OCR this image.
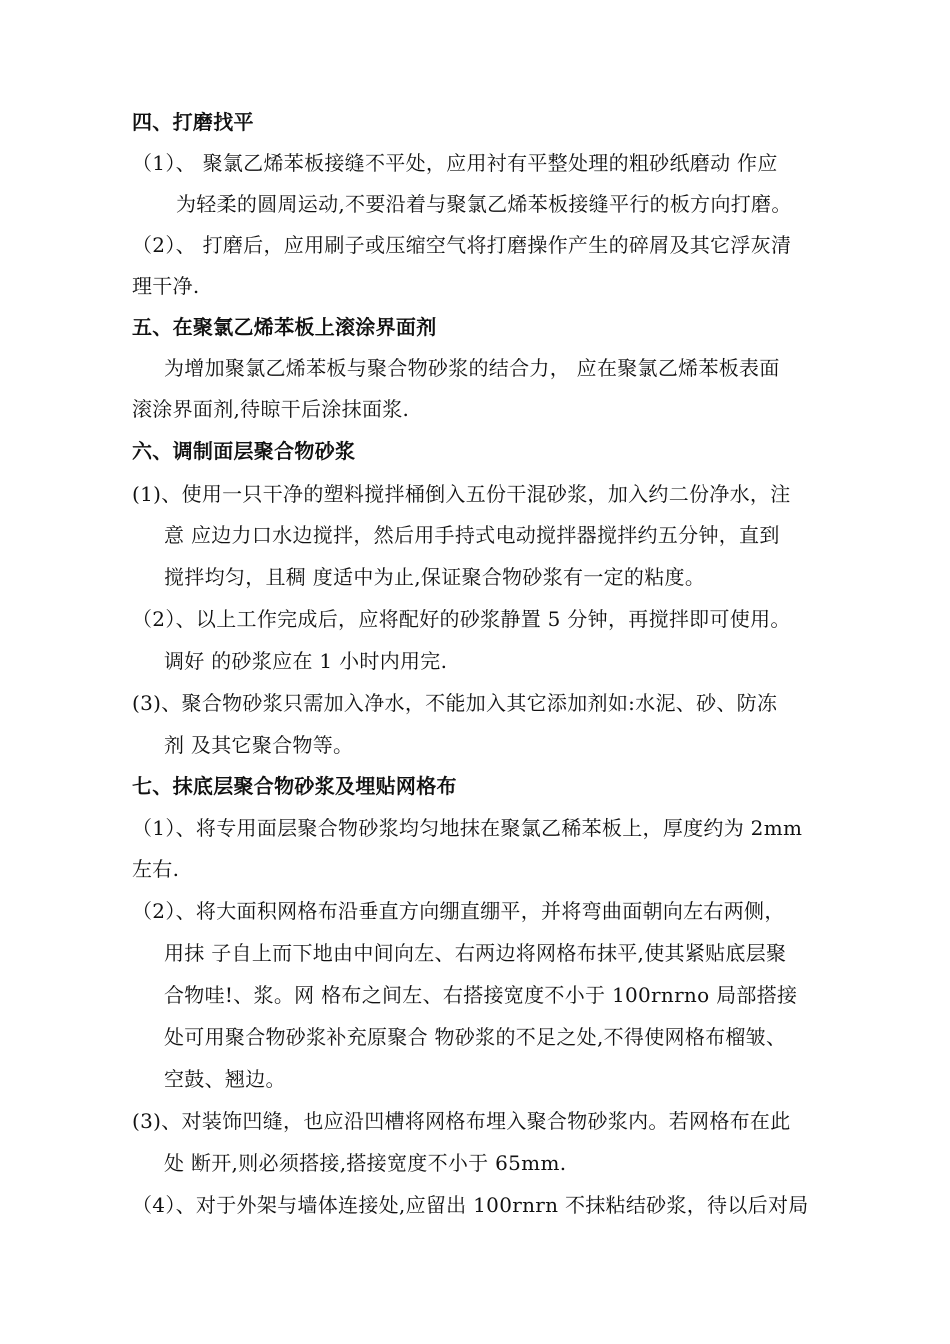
四、打磨找平
（1）、 聚氯乙烯苯板接缝不平处，应用衬有平整处理的粗砂纸磨动 作应
为轻柔的圆周运动,不要沿着与聚氯乙烯苯板接缝平行的板方向打磨。
（2）、 打磨后，应用刷子或压缩空气将打磨操作产生的碎屑及其它浮灰清
理干净.
五、在聚氯乙烯苯板上滚涂界面剂
为增加聚氯乙烯苯板与聚合物砂浆的结合力， 应在聚氯乙烯苯板表面
滚涂界面剂,待晾干后涂抹面浆.
六、调制面层聚合物砂浆
(1)、使用一只干净的塑料搅拌桶倒入五份干混砂浆，加入约二份净水，注
意 应边力口水边搅拌，然后用手持式电动搅拌器搅拌约五分钟，直到
搅拌均匀，且稠 度适中为止,保证聚合物砂浆有一定的粘度。
（2）、以上工作完成后，应将配好的砂浆静置 5 分钟，再搅拌即可使用。
调好 的砂浆应在 1 小时内用完.
(3)、聚合物砂浆只需加入净水，不能加入其它添加剂如:水泥、砂、防冻
剂 及其它聚合物等。
七、抹底层聚合物砂浆及埋贴网格布
（1）、将专用面层聚合物砂浆均匀地抹在聚氯乙稀苯板上，厚度约为 2mm
左右.
（2）、将大面积网格布沿垂直方向绷直绷平，并将弯曲面朝向左右两侧，
用抹 子自上而下地由中间向左、右两边将网格布抹平,使其紧贴底层聚
合物哇!、浆。网 格布之间左、右搭接宽度不小于 100rnrno 局部搭接
处可用聚合物砂浆补充原聚合 物砂浆的不足之处,不得使网格布榴皱、
空鼓、翘边。
(3)、对装饰凹缝，也应沿凹槽将网格布埋入聚合物砂浆内。若网格布在此
处 断开,则必须搭接,搭接宽度不小于 65mm.
（4）、对于外架与墙体连接处,应留出 100rnrn 不抹粘结砂浆，待以后对局
